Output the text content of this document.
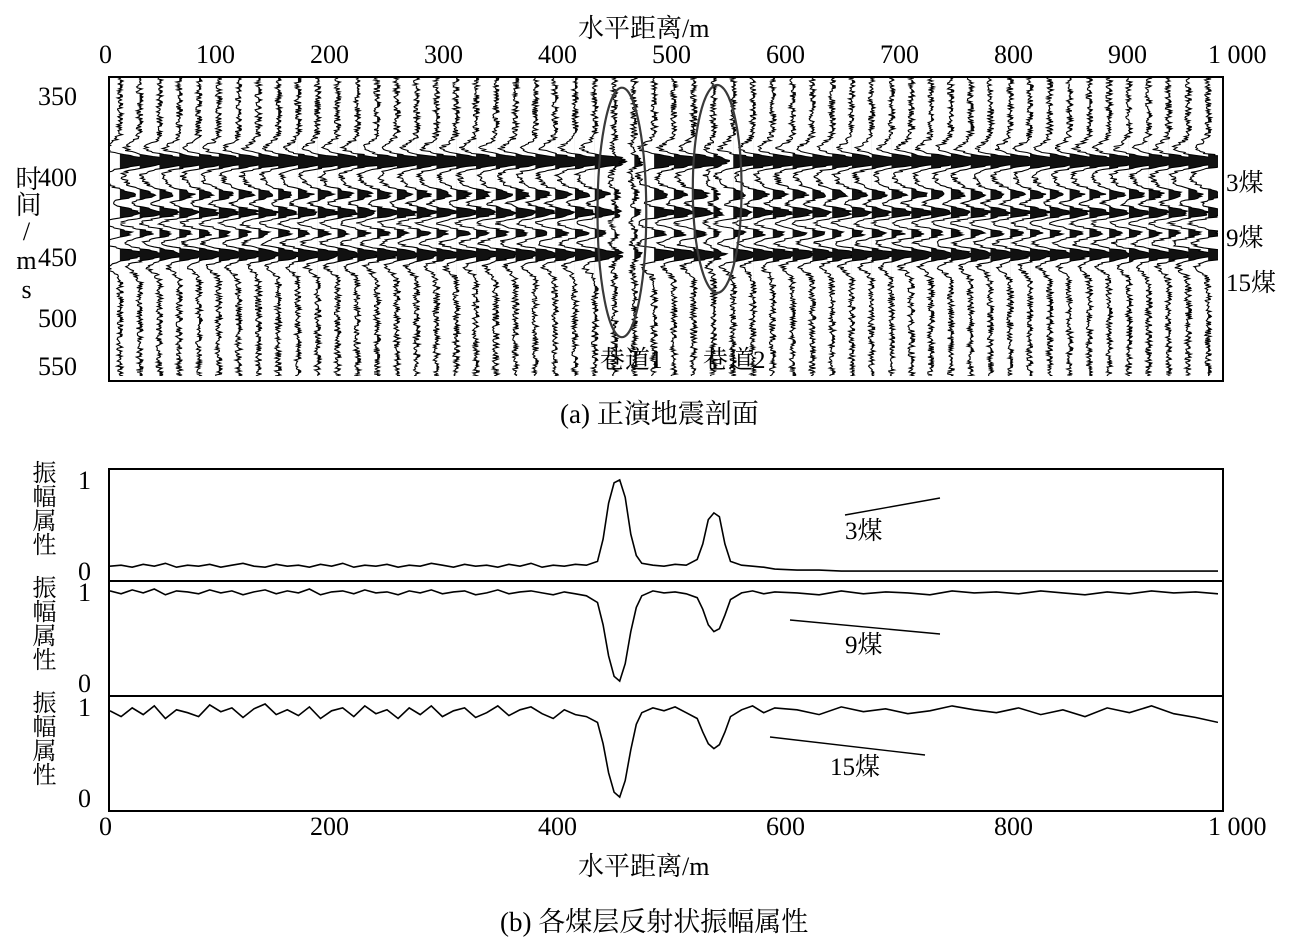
水平距离/m
0	100	200	300	400	500	600	700	800	900 1 000
时间/ms
350
400
450
500
550
3煤
9煤
15煤
巷道1 巷道2
(a) 正演地震剖面
振幅属性 1
0
3煤
振幅属性 1
0
9煤
振幅属性 1
0
15煤
0	200	400	600	800	1 000
水平距离/m
(b) 各煤层反射状振幅属性
